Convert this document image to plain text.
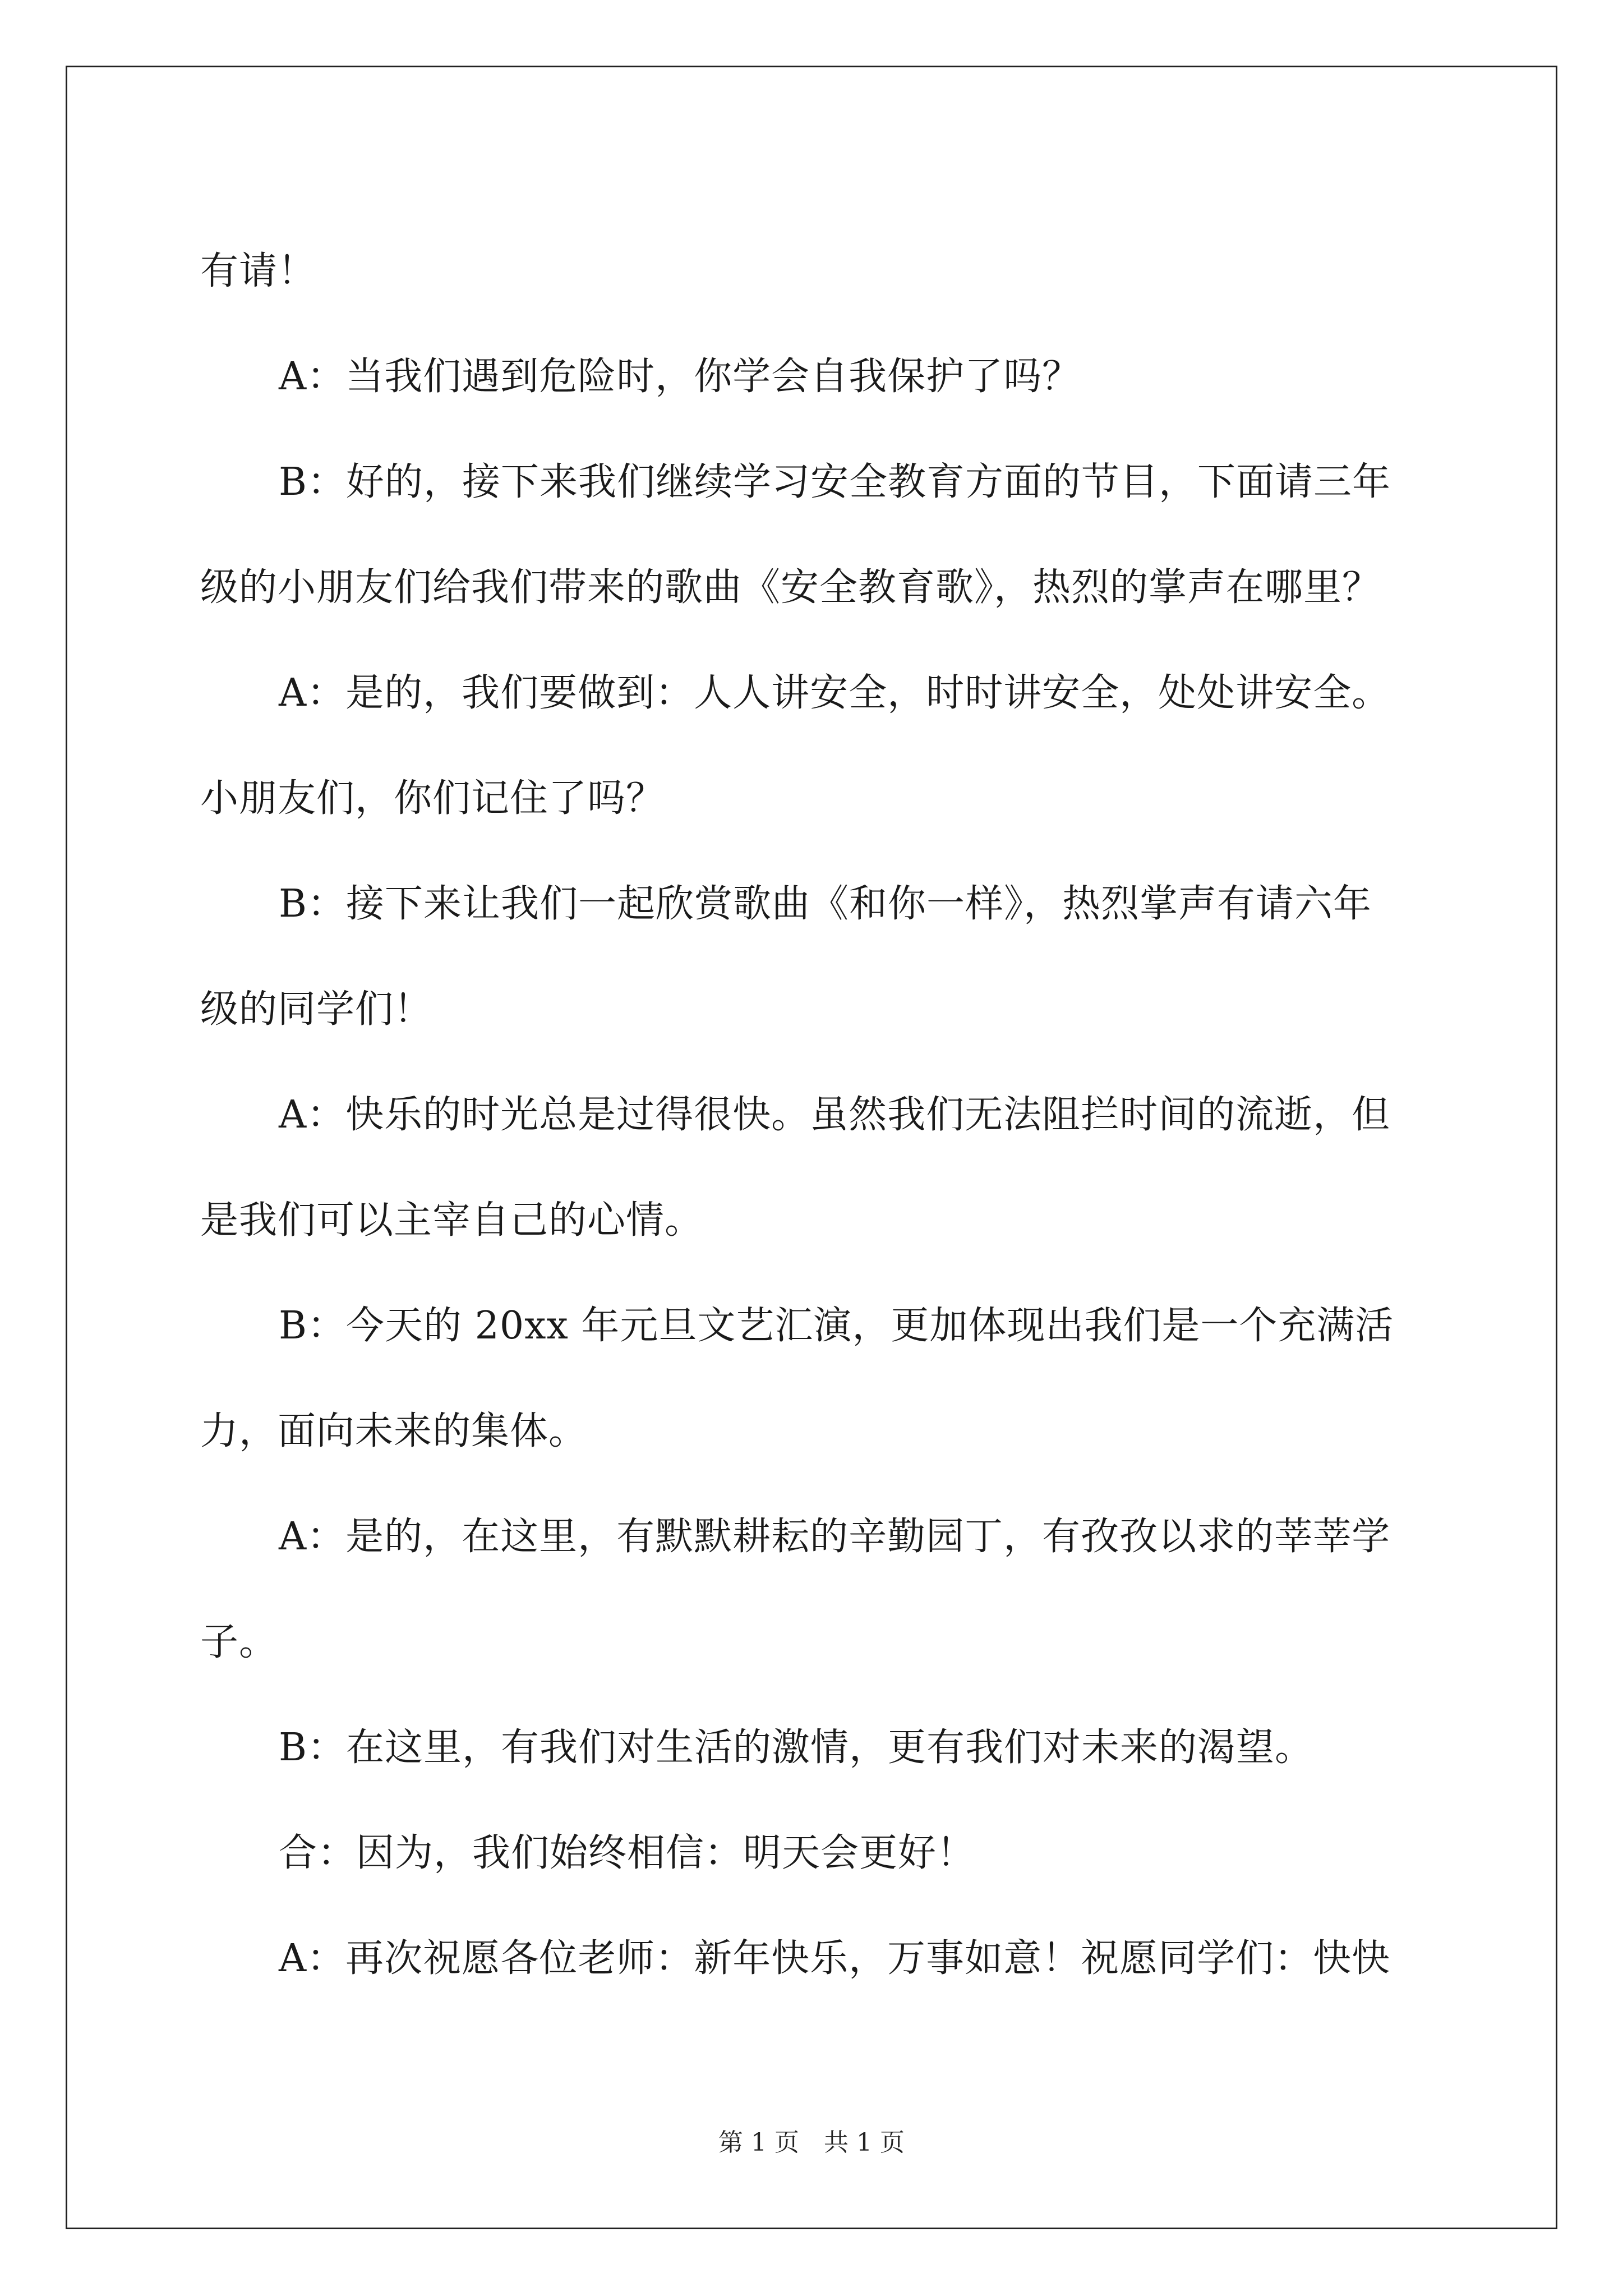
有请！

A：当我们遇到危险时，你学会自我保护了吗？

B：好的，接下来我们继续学习安全教育方面的节目，下面请三年

级的小朋友们给我们带来的歌曲《安全教育歌》，热烈的掌声在哪里？

A：是的，我们要做到：人人讲安全，时时讲安全，处处讲安全。

小朋友们，你们记住了吗？

B：接下来让我们一起欣赏歌曲《和你一样》，热烈掌声有请六年

级的同学们！

A：快乐的时光总是过得很快。虽然我们无法阻拦时间的流逝，但

是我们可以主宰自己的心情。

B：今天的 20xx 年元旦文艺汇演，更加体现出我们是一个充满活

力，面向未来的集体。

A：是的，在这里，有默默耕耘的辛勤园丁，有孜孜以求的莘莘学

子。

B：在这里，有我们对生活的激情，更有我们对未来的渴望。

合：因为，我们始终相信：明天会更好！

A：再次祝愿各位老师：新年快乐，万事如意！祝愿同学们：快快

第 1 页　共 1 页
